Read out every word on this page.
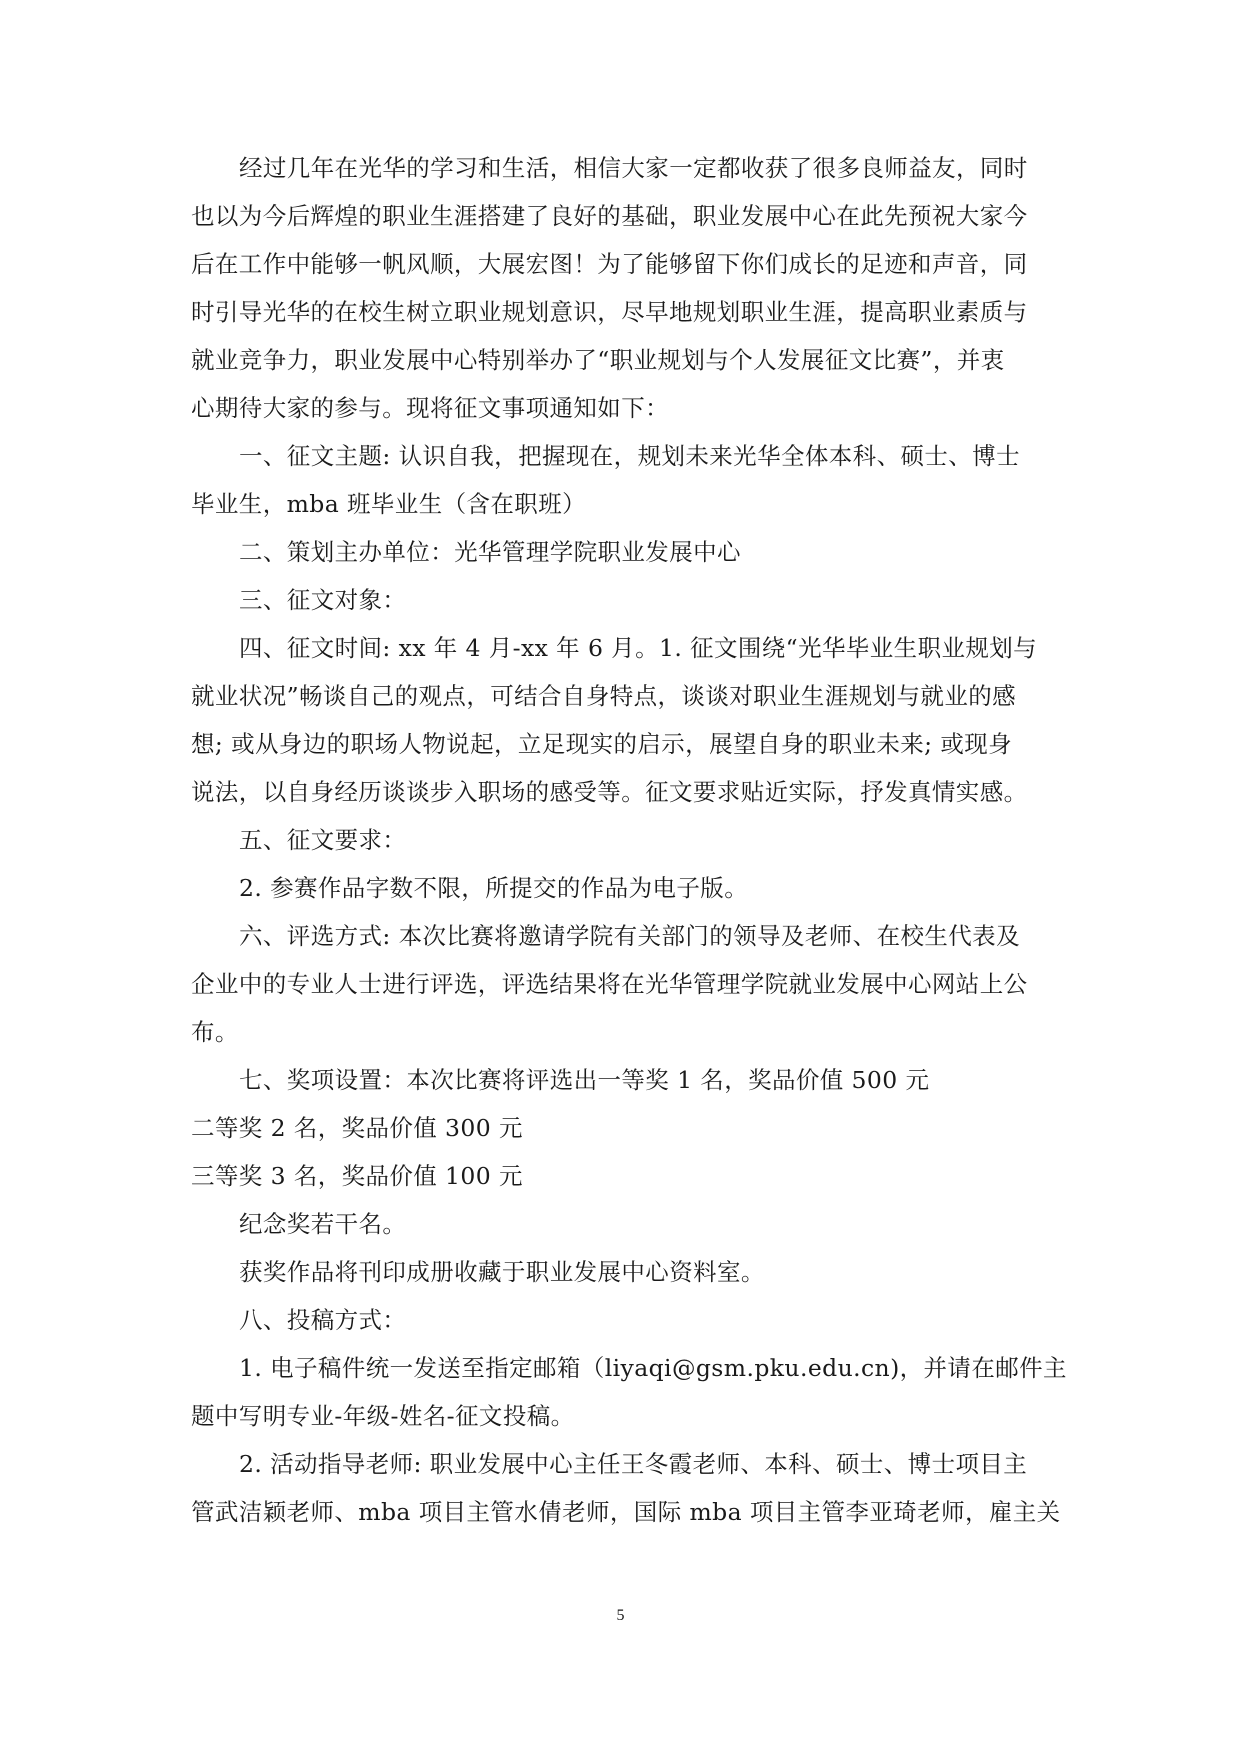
经过几年在光华的学习和生活，相信大家一定都收获了很多良师益友，同时
也以为今后辉煌的职业生涯搭建了良好的基础，职业发展中心在此先预祝大家今
后在工作中能够一帆风顺，大展宏图！为了能够留下你们成长的足迹和声音，同
时引导光华的在校生树立职业规划意识，尽早地规划职业生涯，提高职业素质与
就业竞争力，职业发展中心特别举办了“职业规划与个人发展征文比赛”，并衷
心期待大家的参与。现将征文事项通知如下：
一、征文主题: 认识自我，把握现在，规划未来光华全体本科、硕士、博士
毕业生，mba 班毕业生（含在职班）
二、策划主办单位：光华管理学院职业发展中心
三、征文对象：
四、征文时间: xx 年 4 月-xx 年 6 月。1. 征文围绕“光华毕业生职业规划与
就业状况”畅谈自己的观点，可结合自身特点，谈谈对职业生涯规划与就业的感
想; 或从身边的职场人物说起，立足现实的启示，展望自身的职业未来; 或现身
说法，以自身经历谈谈步入职场的感受等。征文要求贴近实际，抒发真情实感。
五、征文要求：
2. 参赛作品字数不限，所提交的作品为电子版。
六、评选方式: 本次比赛将邀请学院有关部门的领导及老师、在校生代表及
企业中的专业人士进行评选，评选结果将在光华管理学院就业发展中心网站上公
布。
七、奖项设置：本次比赛将评选出一等奖 1 名，奖品价值 500 元
二等奖 2 名，奖品价值 300 元
三等奖 3 名，奖品价值 100 元
纪念奖若干名。
获奖作品将刊印成册收藏于职业发展中心资料室。
八、投稿方式：
1. 电子稿件统一发送至指定邮箱（liyaqi@gsm.pku.edu.cn)，并请在邮件主
题中写明专业-年级-姓名-征文投稿。
2. 活动指导老师: 职业发展中心主任王冬霞老师、本科、硕士、博士项目主
管武洁颖老师、mba 项目主管水倩老师，国际 mba 项目主管李亚琦老师，雇主关
5
